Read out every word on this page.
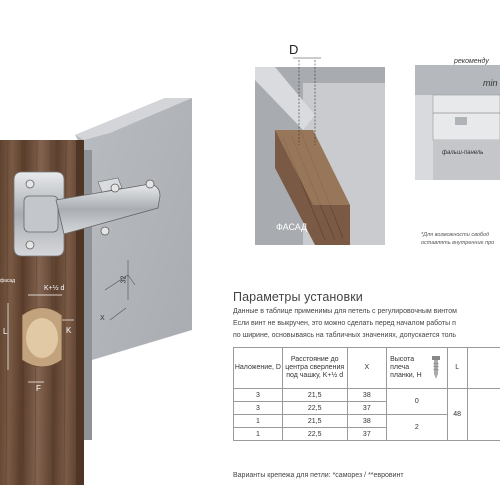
K+½ d
L	K
F
32
X
фасад
D
ФАСАД
рекоменду
min
фальш-панель
*Для возможности свобод
оставлять внутренние про
Параметры установки
Данные в таблице применимы для петель с регулировочным винтом
Если винт не выкручен, это можно сделать перед началом работы п
по ширине, основываясь на табличных значениях, допускается толь
Наложение, D	Расстояние до центра сверления под чашку, K+½ d	X	Высота плеча планки, H	L	
3	21,5	38	0	48	
3	22,5	37			
1	21,5	38	2		
1	22,5	37			
Варианты крепежа для петли: *саморез / **евровинт
